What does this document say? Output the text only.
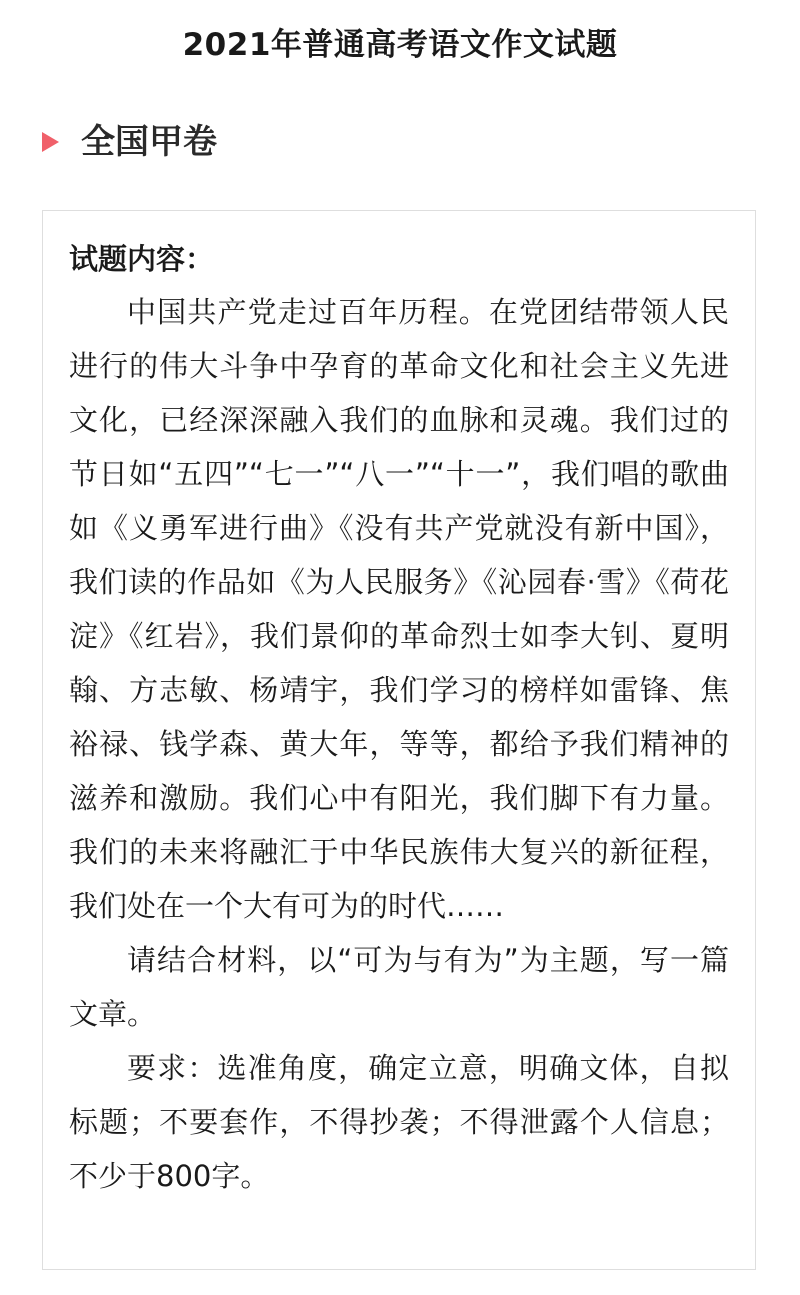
2021年普通高考语文作文试题
全国甲卷
试题内容：

中国共产党走过百年历程。在党团结带领人民进行的伟大斗争中孕育的革命文化和社会主义先进文化，已经深深融入我们的血脉和灵魂。我们过的节日如“五四”“七一”“八一”“十一”，我们唱的歌曲如《义勇军进行曲》《没有共产党就没有新中国》，我们读的作品如《为人民服务》《沁园春·雪》《荷花淀》《红岩》，我们景仰的革命烈士如李大钊、夏明翰、方志敏、杨靖宇，我们学习的榜样如雷锋、焦裕禄、钱学森、黄大年，等等，都给予我们精神的滋养和激励。我们心中有阳光，我们脚下有力量。我们的未来将融汇于中华民族伟大复兴的新征程，我们处在一个大有可为的时代……

请结合材料，以“可为与有为”为主题，写一篇文章。

要求：选准角度，确定立意，明确文体，自拟标题；不要套作，不得抄袭；不得泄露个人信息；不少于800字。
